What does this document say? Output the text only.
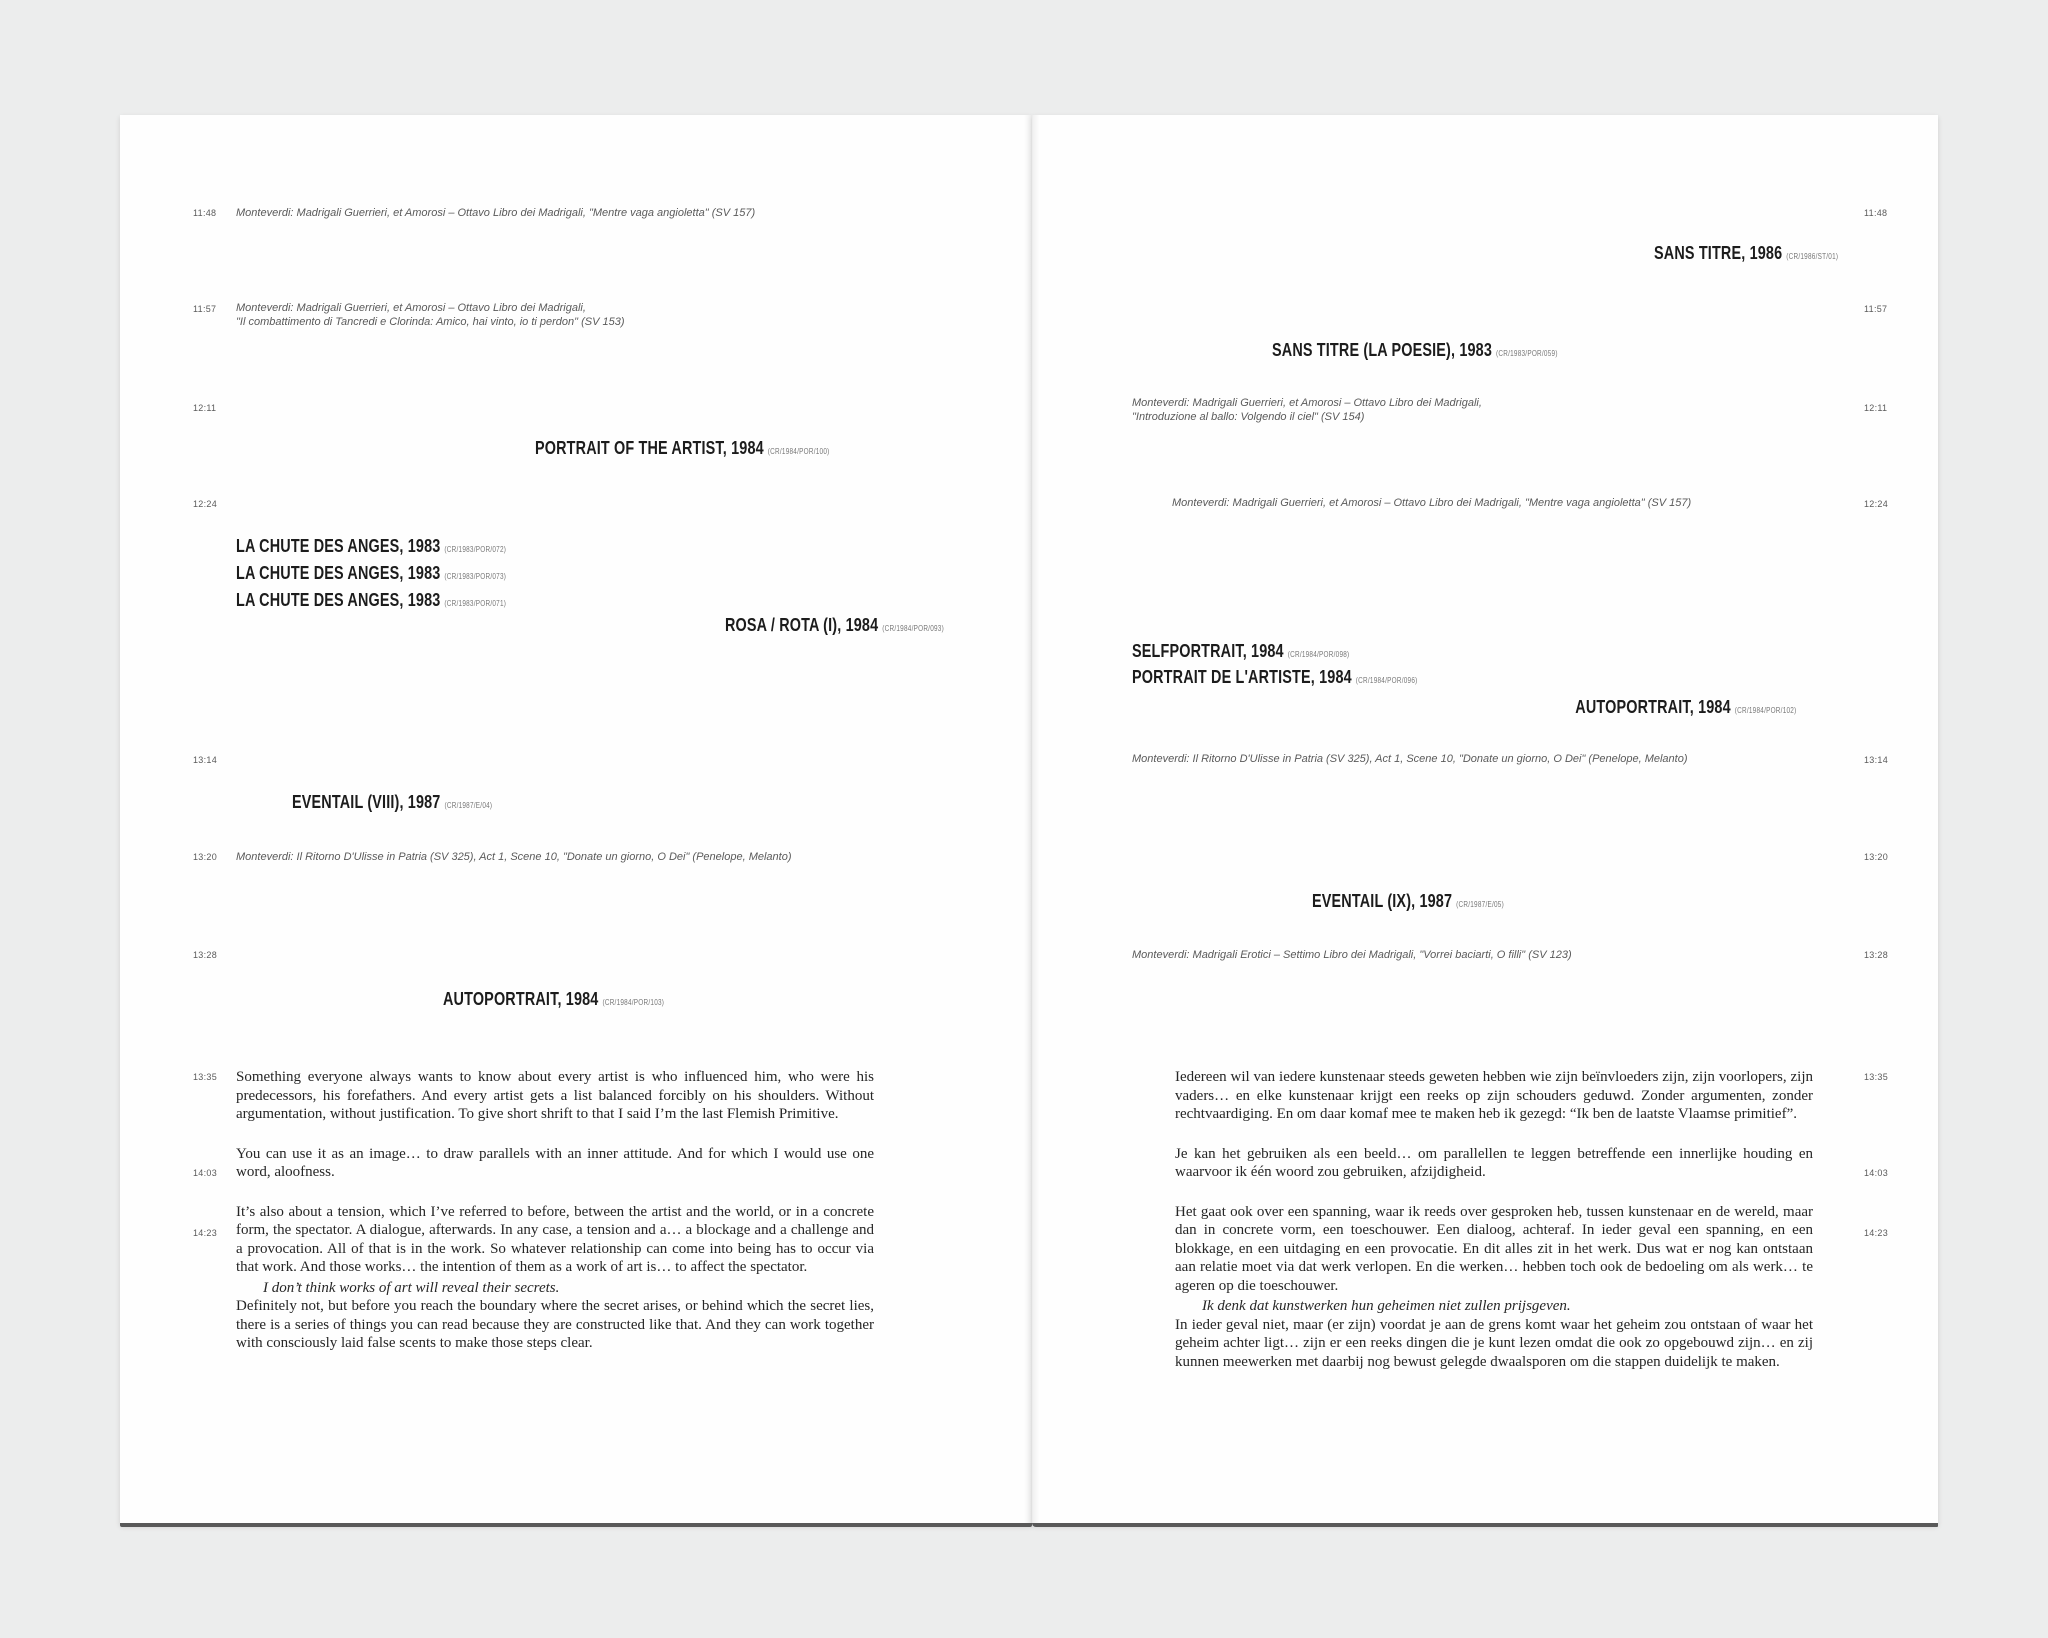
11:48
11:57
12:11
12:24
13:14
13:20
13:28
13:35
14:03
14:23
Monteverdi: Madrigali Guerrieri, et Amorosi – Ottavo Libro dei Madrigali, "Mentre vaga angioletta" (SV 157)
Monteverdi: Madrigali Guerrieri, et Amorosi – Ottavo Libro dei Madrigali,
"Il combattimento di Tancredi e Clorinda: Amico, hai vinto, io ti perdon" (SV 153)
Monteverdi: Il Ritorno D'Ulisse in Patria (SV 325), Act 1, Scene 10, "Donate un giorno, O Dei" (Penelope, Melanto)
PORTRAIT OF THE ARTIST, 1984 (CR/1984/POR/100)
LA CHUTE DES ANGES, 1983 (CR/1983/POR/072)
LA CHUTE DES ANGES, 1983 (CR/1983/POR/073)
LA CHUTE DES ANGES, 1983 (CR/1983/POR/071)
ROSA / ROTA (I), 1984 (CR/1984/POR/093)
EVENTAIL (VIII), 1987 (CR/1987/E/04)
AUTOPORTRAIT, 1984 (CR/1984/POR/103)

Something everyone always wants to know about every artist is who influenced him, who were his predecessors, his forefathers. And every artist gets a list balanced forcibly on his shoulders. Without argumentation, without justification. To give short shrift to that I said I’m the last Flemish Primitive.

You can use it as an image… to draw parallels with an inner attitude. And for which I would use one word, aloofness.

It’s also about a tension, which I’ve referred to before, between the artist and the world, or in a concrete form, the spectator. A dialogue, afterwards. In any case, a tension and a… a blockage and a challenge and a provocation. All of that is in the work. So whatever relationship can come into being has to occur via that work. And those works… the intention of them as a work of art is… to affect the spectator.

I don’t think works of art will reveal their secrets.

Definitely not, but before you reach the boundary where the secret arises, or behind which the secret lies, there is a series of things you can read because they are constructed like that. And they can work together with consciously laid false scents to make those steps clear.

11:48
11:57
12:11
12:24
13:14
13:20
13:28
13:35
14:03
14:23
SANS TITRE, 1986 (CR/1986/ST/01)
SANS TITRE (LA POESIE), 1983 (CR/1983/POR/059)
SELFPORTRAIT, 1984 (CR/1984/POR/098)
PORTRAIT DE L'ARTISTE, 1984 (CR/1984/POR/096)
AUTOPORTRAIT, 1984 (CR/1984/POR/102)
EVENTAIL (IX), 1987 (CR/1987/E/05)
Monteverdi: Madrigali Guerrieri, et Amorosi – Ottavo Libro dei Madrigali,
"Introduzione al ballo: Volgendo il ciel" (SV 154)
Monteverdi: Madrigali Guerrieri, et Amorosi – Ottavo Libro dei Madrigali, "Mentre vaga angioletta" (SV 157)
Monteverdi: Il Ritorno D'Ulisse in Patria (SV 325), Act 1, Scene 10, "Donate un giorno, O Dei" (Penelope, Melanto)
Monteverdi: Madrigali Erotici – Settimo Libro dei Madrigali, "Vorrei baciarti, O filli" (SV 123)

Iedereen wil van iedere kunstenaar steeds geweten hebben wie zijn beïnvloeders zijn, zijn voorlopers, zijn vaders… en elke kunstenaar krijgt een reeks op zijn schouders geduwd. Zonder argumenten, zonder rechtvaardiging. En om daar komaf mee te maken heb ik gezegd: “Ik ben de laatste Vlaamse primitief”.

Je kan het gebruiken als een beeld… om parallellen te leggen betreffende een innerlijke houding en waarvoor ik één woord zou gebruiken, afzijdigheid.

Het gaat ook over een spanning, waar ik reeds over gesproken heb, tussen kunstenaar en de wereld, maar dan in concrete vorm, een toeschouwer. Een dialoog, achteraf. In ieder geval een spanning, en een blokkage, en een uitdaging en een provocatie. En dit alles zit in het werk. Dus wat er nog kan ontstaan aan relatie moet via dat werk verlopen. En die werken… hebben toch ook de bedoeling om als werk… te ageren op die toeschouwer.

Ik denk dat kunstwerken hun geheimen niet zullen prijsgeven.

In ieder geval niet, maar (er zijn) voordat je aan de grens komt waar het geheim zou ontstaan of waar het geheim achter ligt… zijn er een reeks dingen die je kunt lezen omdat die ook zo opgebouwd zijn… en zij kunnen meewerken met daarbij nog bewust gelegde dwaalsporen om die stappen duidelijk te maken.
